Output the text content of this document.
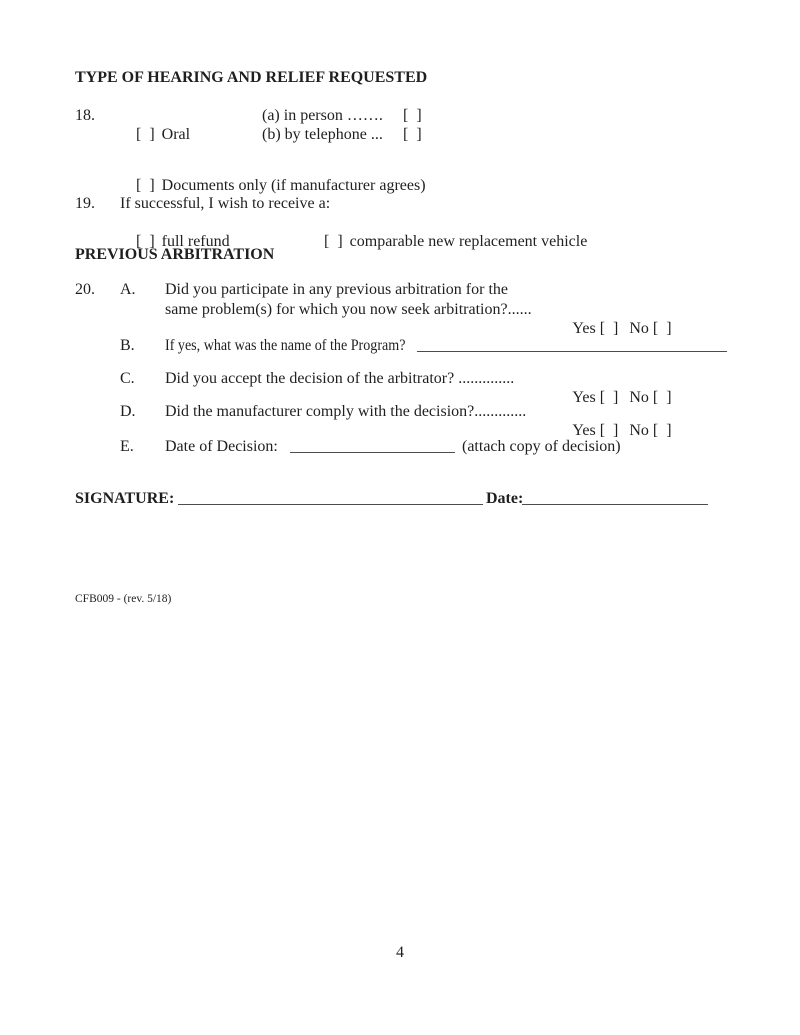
TYPE OF HEARING AND RELIEF REQUESTED
18.

[ ] Oral

(a) in person ……. [ ]
(b) by telephone ... [ ]

[ ] Documents only (if manufacturer agrees)

19. If successful, I wish to receive a:

[ ] full refund
	[ ] comparable new replacement vehicle

PREVIOUS ARBITRATION
20. A. Did you participate in any previous arbitration for the
same problem(s) for which you now seek arbitration?......

Yes [ ] No [ ]

B. If yes, what was the name of the Program?
C. Did you accept the decision of the arbitrator? ..............

Yes [ ] No [ ]

D. Did the manufacturer comply with the decision?.............

Yes [ ] No [ ]

E. Date of Decision:	(attach copy of decision)
SIGNATURE:	Date:
CFB009 - (rev. 5/18)
4
